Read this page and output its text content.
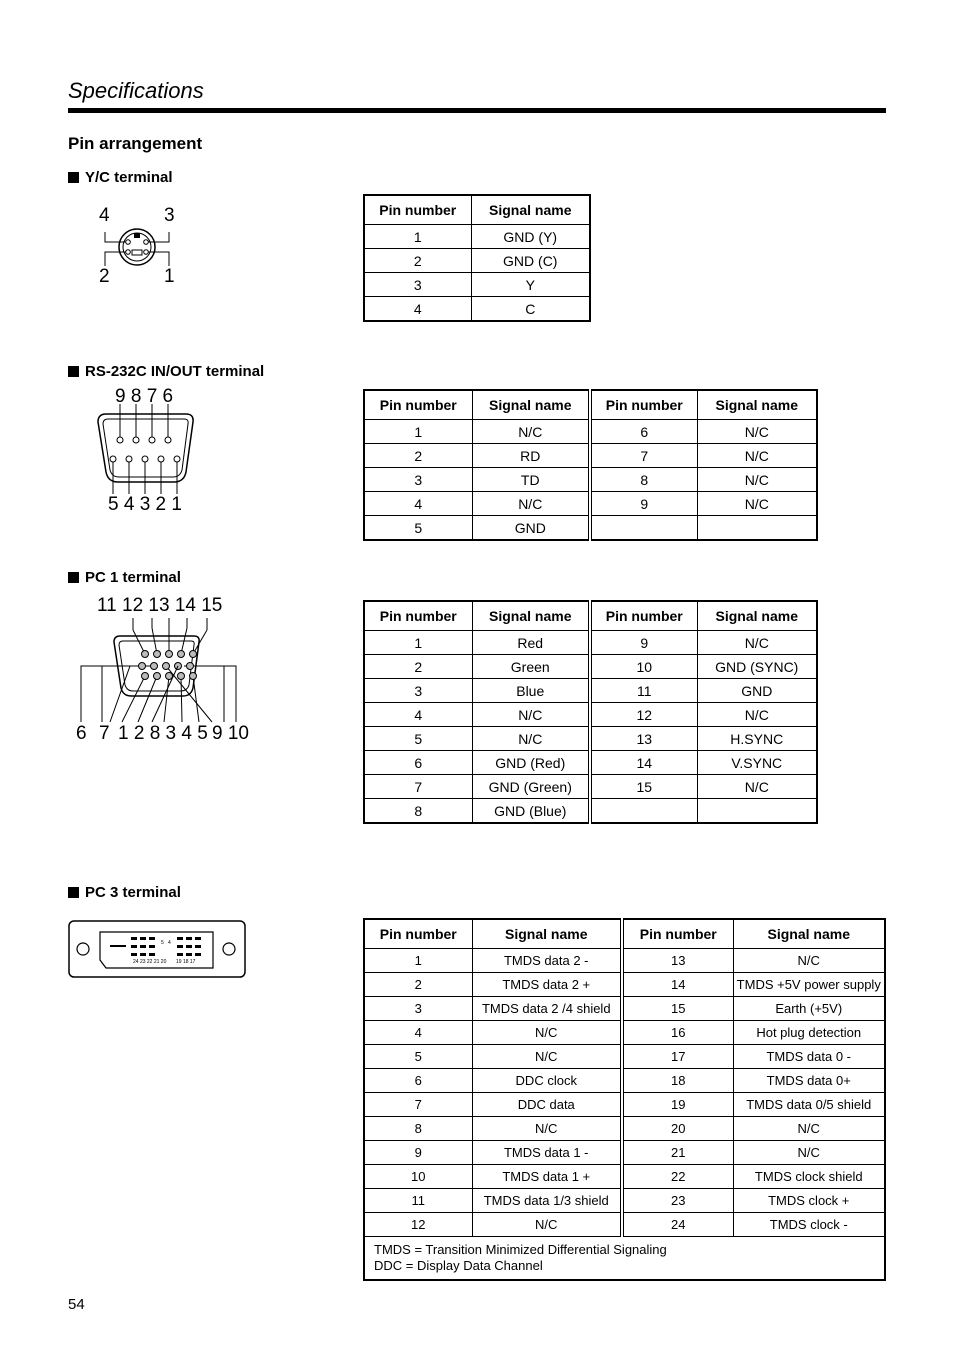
Specifications
Pin arrangement
Y/C terminal
4	3
2	1
Pin number	Signal name
1	GND (Y)
2	GND (C)
3	Y
4	C
RS-232C IN/OUT terminal
9 8 7 6
5 4 3 2 1
Pin number	Signal name	Pin number	Signal name
1	N/C	6	N/C
2	RD	7	N/C
3	TD	8	N/C
4	N/C	9	N/C
5	GND		
PC 1 terminal
11 12 13 14 15
6 7 1 2 8 3 4 5 9 10
Pin number	Signal name	Pin number	Signal name
1	Red	9	N/C
2	Green	10	GND (SYNC)
3	Blue	11	GND
4	N/C	12	N/C
5	N/C	13	H.SYNC
6	GND (Red)	14	V.SYNC
7	GND (Green)	15	N/C
8	GND (Blue)		
PC 3 terminal
5 4
24 23 22 21 20 19 18 17
Pin number	Signal name	Pin number	Signal name
1	TMDS data 2 -	13	N/C
2	TMDS data 2 +	14	TMDS +5V power supply
3	TMDS data 2 /4 shield	15	Earth (+5V)
4	N/C	16	Hot plug detection
5	N/C	17	TMDS data 0 -
6	DDC clock	18	TMDS data 0+
7	DDC data	19	TMDS data 0/5 shield
8	N/C	20	N/C
9	TMDS data 1 -	21	N/C
10	TMDS data 1 +	22	TMDS clock shield
11	TMDS data 1/3 shield	23	TMDS clock +
12	N/C	24	TMDS clock -

TMDS = Transition Minimized Differential Signaling
DDC = Display Data Channel			
54
